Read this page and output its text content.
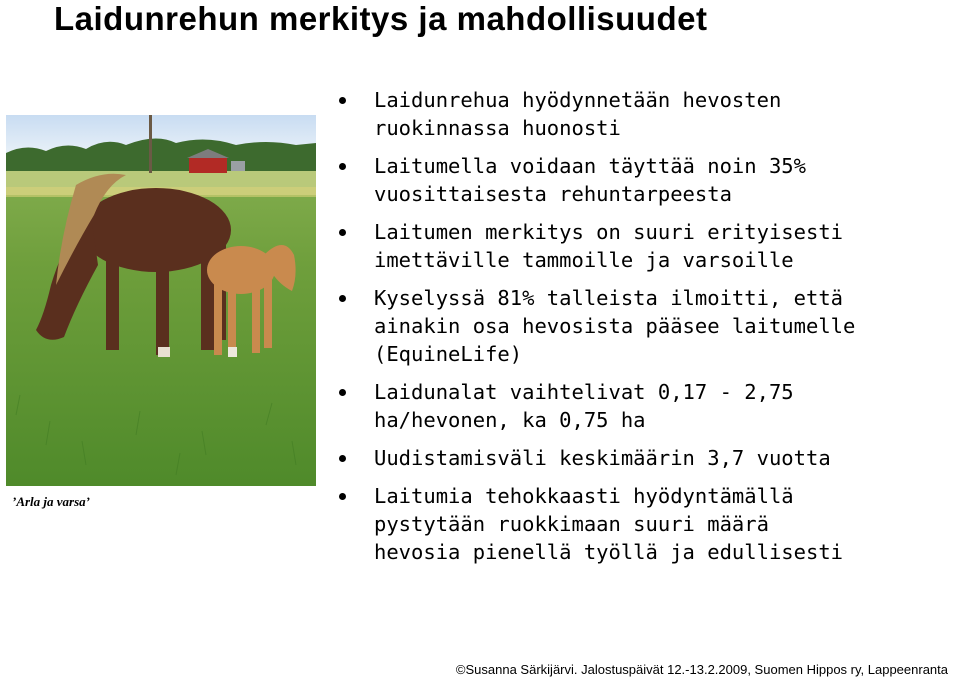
Laidunrehun merkitys ja mahdollisuudet
’Arla ja varsa’
Laidunrehua hyödynnetään hevosten
ruokinnassa huonosti
Laitumella voidaan täyttää noin 35%
vuosittaisesta rehuntarpeesta
Laitumen merkitys on suuri erityisesti
imettäville tammoille ja varsoille
Kyselyssä 81% talleista ilmoitti, että
ainakin osa hevosista pääsee laitumelle
(EquineLife)
Laidunalat vaihtelivat 0,17 - 2,75
ha/hevonen, ka 0,75 ha
Uudistamisväli keskimäärin 3,7 vuotta
Laitumia tehokkaasti hyödyntämällä
pystytään ruokkimaan suuri määrä
hevosia pienellä työllä ja edullisesti
©Susanna Särkijärvi. Jalostuspäivät 12.-13.2.2009, Suomen Hippos ry, Lappeenranta
